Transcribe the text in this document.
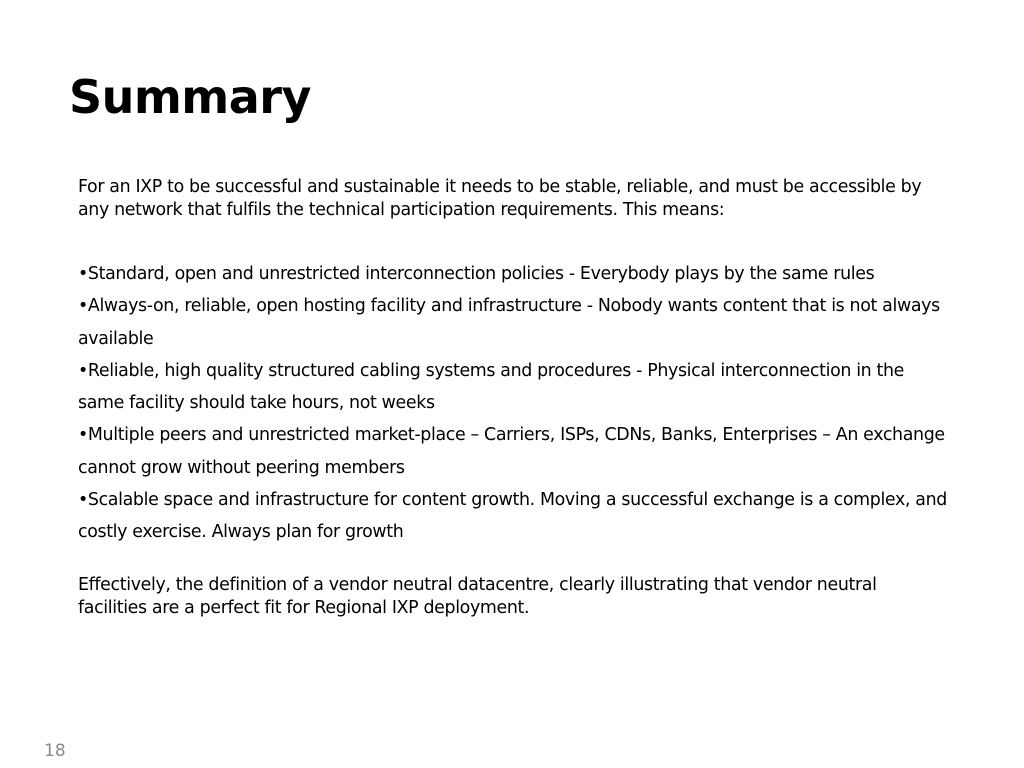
Summary

For an IXP to be successful and sustainable it needs to be stable, reliable, and must be accessible by any network that fulfils the technical participation requirements. This means:

•Standard, open and unrestricted interconnection policies - Everybody plays by the same rules
•Always-on, reliable, open hosting facility and infrastructure - Nobody wants content that is not always available
•Reliable, high quality structured cabling systems and procedures - Physical interconnection in the same facility should take hours, not weeks
•Multiple peers and unrestricted market-place – Carriers, ISPs, CDNs, Banks, Enterprises – An exchange cannot grow without peering members
•Scalable space and infrastructure for content growth. Moving a successful exchange is a complex, and costly exercise. Always plan for growth

Effectively, the definition of a vendor neutral datacentre, clearly illustrating that vendor neutral facilities are a perfect fit for Regional IXP deployment.

18
